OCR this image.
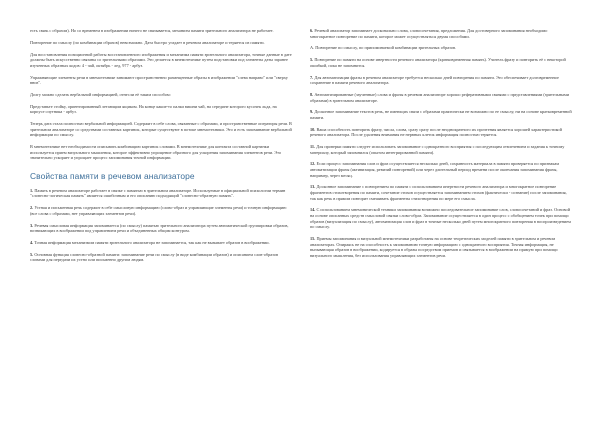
есть связь с образом). Но со временем в изображении ничего не связывается, механизм памяти зрительного анализатора не работает.

Повторение по смыслу (по комбинации образов) невозможно. Дата быстро угадает в речевом анализаторе и теряется из памяти.

Для восстановления позиционной работы восстановленного изображения и механизма памяти зрительного анализатора, точные данные в дате должны быть искусственно связаны со зрительными образами. Это делается в мнемотехнике путем подстановки под элементы даты заранее изученных образных кодов: 4 - чай, октябрь - лед, 977 - арбуз.

Упражняющие элементы речи в мнемотехнике занимают пространственно размещенные образы в изображении "слева направо" или "сверху вниз".

Долгу можно сделать вербальной информацией, отнесли её таким способом:

Представьте стойку, ориентированный летающим ящиком. На конце какие-то палки вишни чай, на середине которого кусочек льда, на корпусе спутника - арбуз.

Теперь дата стала полностью вербальной информацией. Содержит в себе слова, связанные с образами, и пространственные операторы речи. В зрительном анализаторе со средствами составных картинок, которые существуют в потоке мнемотехники. Это и есть запоминание вербальной информации по смыслу.

В мнемотехнике нет необходимости описывать комбинацию картинок словами. В мнемотехнике для контакта составной картинки используется прием визуального мышления, которое эффективно упрощение образного для ускорения запоминания элементов речи. Это значительно ускоряет и упрощает процесс запоминания точной информации.

Свойства памяти в речевом анализаторе

1. Память в речевом анализаторе работает в связке с памятью в зрительном анализаторе. Используемые в официальной психологии термин "словесно-логическая память" является ошибочным и его описанию подходящий "словесно-образную память".

2. Устная и письменная речь содержит в себе смысловую информацию (слово-образ и управляющие элементы речи) и точную информацию (все слова с образами, нет управляющих элементов речи).

3. Речевая смысловая информация запоминается (по смыслу) памятью зрительного анализатора путем автоматической группировки образов, возникающих в воображении под управлением речи и объединенных общим контуром.

4. Точная информация механизмом памяти зрительного анализатора не запоминается, так как не вызывает образов в воображении.

5. Основная функция словесно-образной памяти: запоминание речи по смыслу (в виде комбинации образов) и описанием слов-образов словами для передачи их устно или письменно другим людям.

6. Речевой анализатор запоминает досконально слова, словосочетания, предложения. Для достоверного запоминания необходимо многократное повторение по памяти, которое может осуществляться двумя способами.

А. Повторение по смыслу, по припоминаемой комбинации зрительных образов.

5. Повторение по памяти на основе инертности речевого анализатора (кратковременная память). Учитель фразу и повторить её с некоторой ошибкой, пока не запомнится.

7. Для автоматизации фразы в речевом анализаторе требуется несколько дней повторения по памяти. Это обеспечивает долговременное сохранение в памяти речевого анализатора.

8. Автоматизированные (заученные) слова и фразы в речевом анализаторе хорошо реферативными связями с представлениями (зрительными образами) в зрительном анализаторе.

9. Досконное запоминание текстов речь, не имеющих связи с образами практически не возможно по ее смыслу, ни на основе кратковременной памяти.

10. Ваша способность повторить фразу, числа, слова, сразу сразу после неоднократного их прочтения является хорошей характеристикой речевого анализатора. После удаления внимания не нервных клеток информация полностью теряется.

11. Для проверки памяти следует использовать запоминание с однократного восприятия с последующим отвлечением и задания к точному материалу, который запомнился (опытом интегрированной памяти).

12. Если процесс запоминания слов и фраз осуществляется несколько дней, сохранность материала в памяти проверяется по признакам автоматизации фразы (активизация, ревизий повторений) или через длительный период времени после окончания запоминания фразы, например, через месяц.

13. Досконное запоминание с повторением по памяти с использованием инертности речевого анализатора и многократное повторение фрагментов стихотворения по памяти, сочетание стихов осуществляется запоминанием стихов (фактически - сознание) после запоминания, так как речь в прямом повторит смешивать фрагменты стихотворения по мере его смысла.

14. С использованием мнемонической техники запоминания возможно последовательное запоминание слов, словосочетаний и фраз. Основой на основе описанных средств смысловой связки слово-образ. Запоминание осуществляется в один процесс с обобщением точек при помощи образов (визуализация по смыслу), автоматизация слов и фраз в точные несколько дней путем многократного повторения в воспроизведением по смыслу.

15. Приемы запоминания и визуальной мнемотехники разработаны на основе теоретических моделей памяти в зрительном и речевом анализаторах. Опираясь не на способность к запоминанию точную информацию с однократного восприятия. Точная информация, не вызывающая образов в воображении, кодируется в образы посредством приемов и связывается в воображении на прямую при помощи визуального мышления, без использования управляющих элементов речи.
